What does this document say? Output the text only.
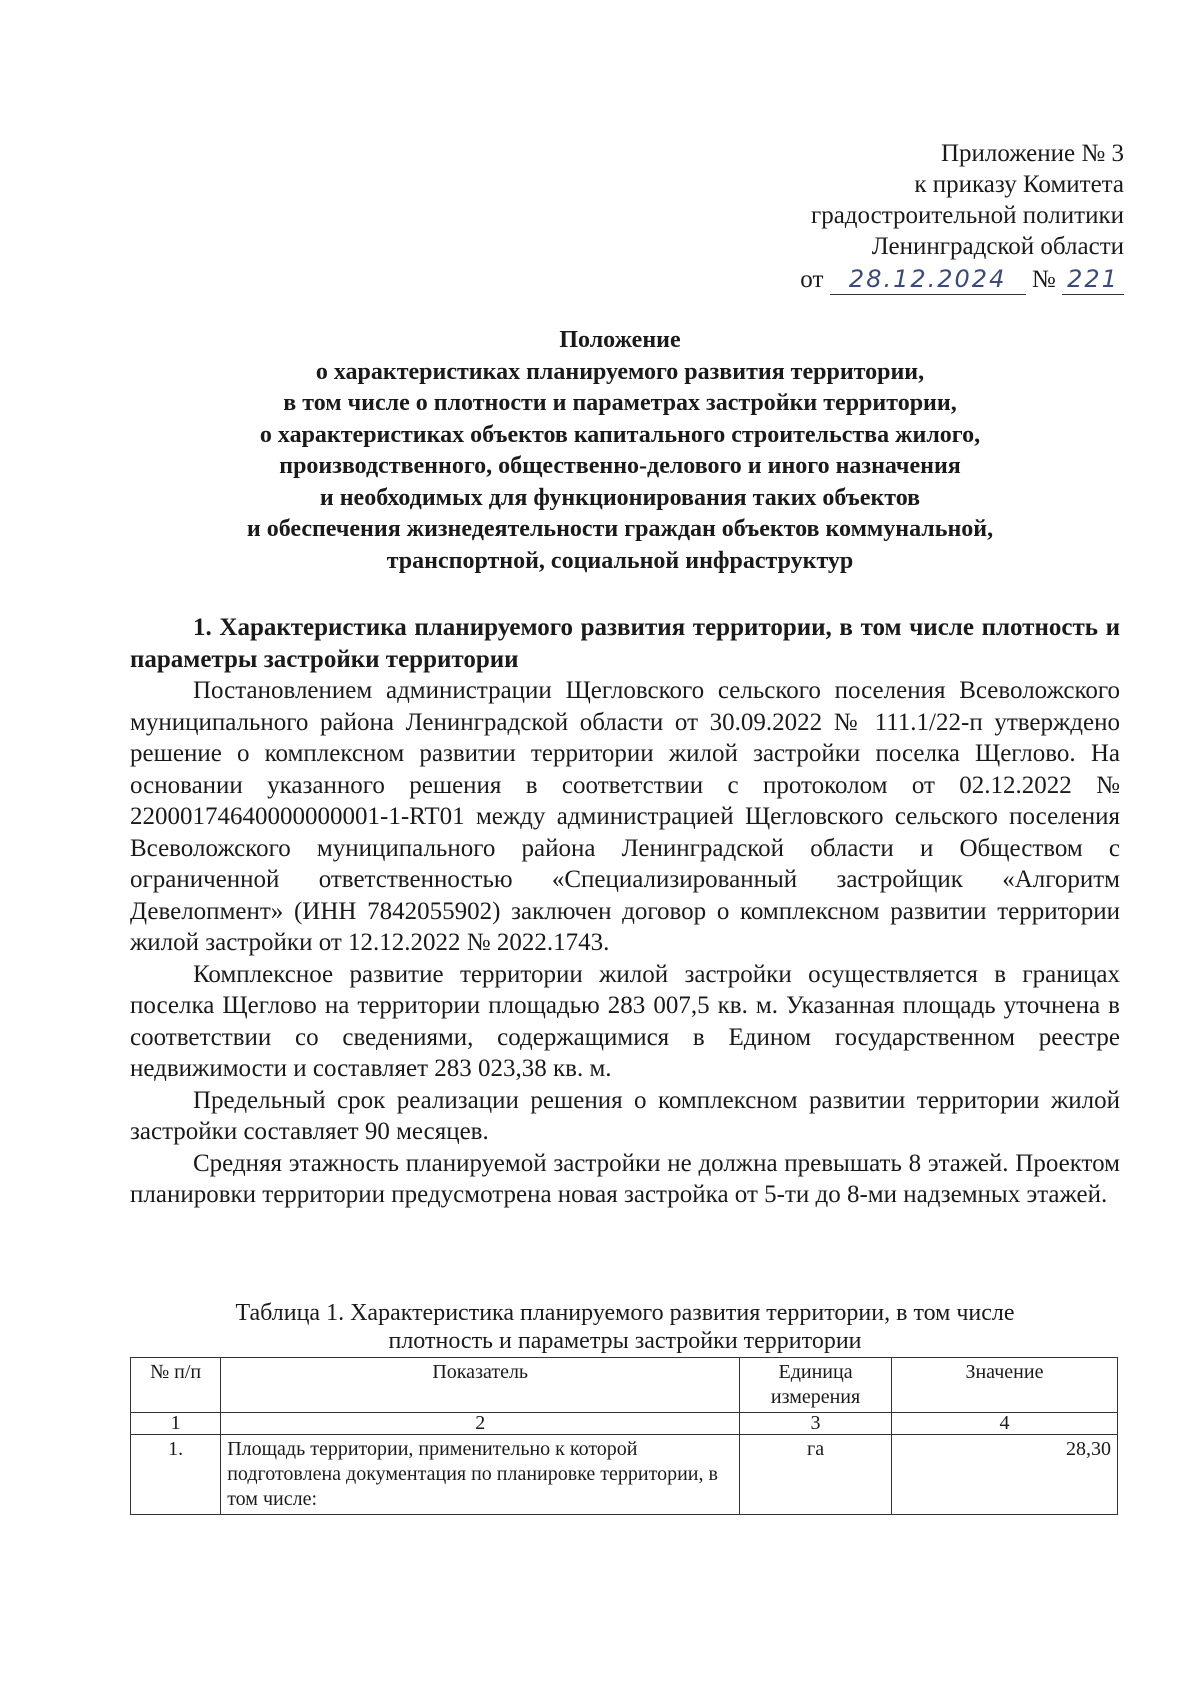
Приложение № 3
к приказу Комитета
градостроительной политики
Ленинградской области
от 28.12.2024 № 221
Положение
о характеристиках планируемого развития территории,
в том числе о плотности и параметрах застройки территории,
о характеристиках объектов капитального строительства жилого,
производственного, общественно-делового и иного назначения
и необходимых для функционирования таких объектов
и обеспечения жизнедеятельности граждан объектов коммунальной,
транспортной, социальной инфраструктур

1. Характеристика планируемого развития территории, в том числе плотность и параметры застройки территории

Постановлением администрации Щегловского сельского поселения Всеволожского муниципального района Ленинградской области от 30.09.2022 № 111.1/22-п утверждено решение о комплексном развитии территории жилой застройки поселка Щеглово. На основании указанного решения в соответствии с протоколом от 02.12.2022 № 22000174640000000001-1-RT01 между администрацией Щегловского сельского поселения Всеволожского муниципального района Ленинградской области и Обществом с ограниченной ответственностью «Специализированный застройщик «Алгоритм Девелопмент» (ИНН 7842055902) заключен договор о комплексном развитии территории жилой застройки от 12.12.2022 № 2022.1743.

Комплексное развитие территории жилой застройки осуществляется в границах поселка Щеглово на территории площадью 283 007,5 кв. м. Указанная площадь уточнена в соответствии со сведениями, содержащимися в Едином государственном реестре недвижимости и составляет 283 023,38 кв. м.

Предельный срок реализации решения о комплексном развитии территории жилой застройки составляет 90 месяцев.

Средняя этажность планируемой застройки не должна превышать 8 этажей. Проектом планировки территории предусмотрена новая застройка от 5-ти до 8-ми надземных этажей.

Таблица 1. Характеристика планируемого развития территории, в том числе
плотность и параметры застройки территории
№ п/п	Показатель	Единица измерения	Значение
1	2	3	4
1.	Площадь территории, применительно к которой подготовлена документация по планировке территории, в том числе:	га	28,30
